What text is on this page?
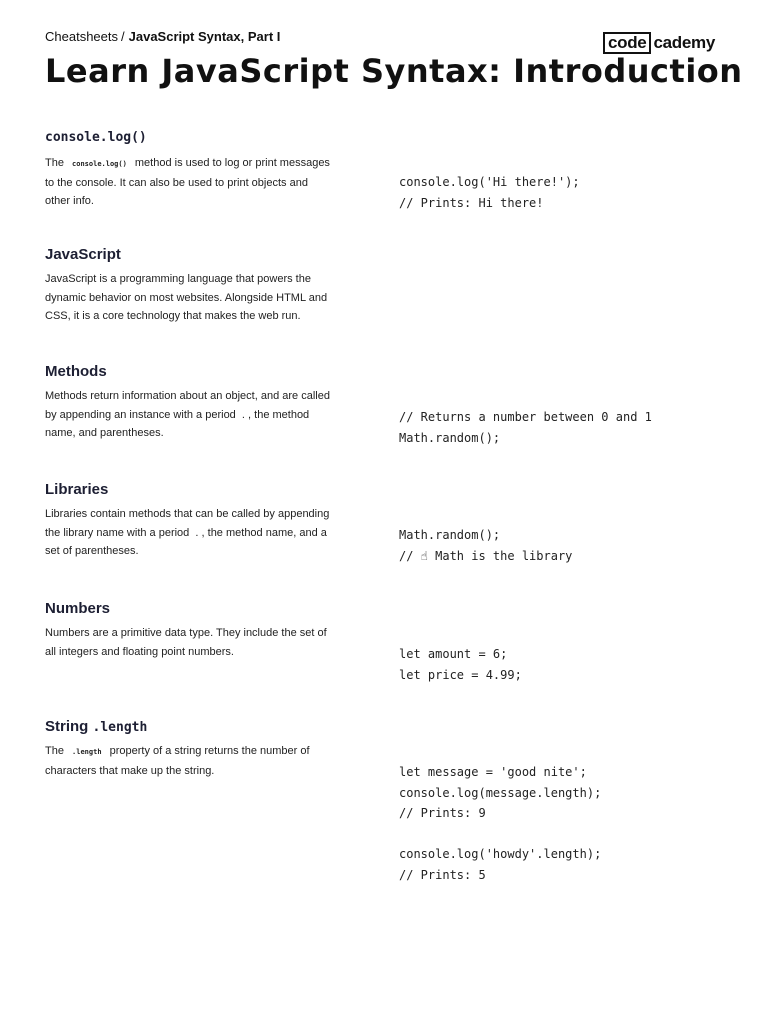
Cheatsheets / JavaScript Syntax, Part I	code cademy
Learn JavaScript Syntax: Introduction
console.log()
The console.log() method is used to log or print messages to the console. It can also be used to print objects and other info.
console.log('Hi there!');
// Prints: Hi there!
JavaScript
JavaScript is a programming language that powers the dynamic behavior on most websites. Alongside HTML and CSS, it is a core technology that makes the web run.
Methods
Methods return information about an object, and are called by appending an instance with a period  . , the method name, and parentheses.
// Returns a number between 0 and 1
Math.random();
Libraries
Libraries contain methods that can be called by appending the library name with a period  . , the method name, and a set of parentheses.
Math.random();
// ☝ Math is the library
Numbers
Numbers are a primitive data type. They include the set of all integers and floating point numbers.	let amount = 6;
let price = 4.99;
String .length
The .length property of a string returns the number of characters that make up the string.	let message = 'good nite';
console.log(message.length);
// Prints: 9

console.log('howdy'.length);
// Prints: 5
